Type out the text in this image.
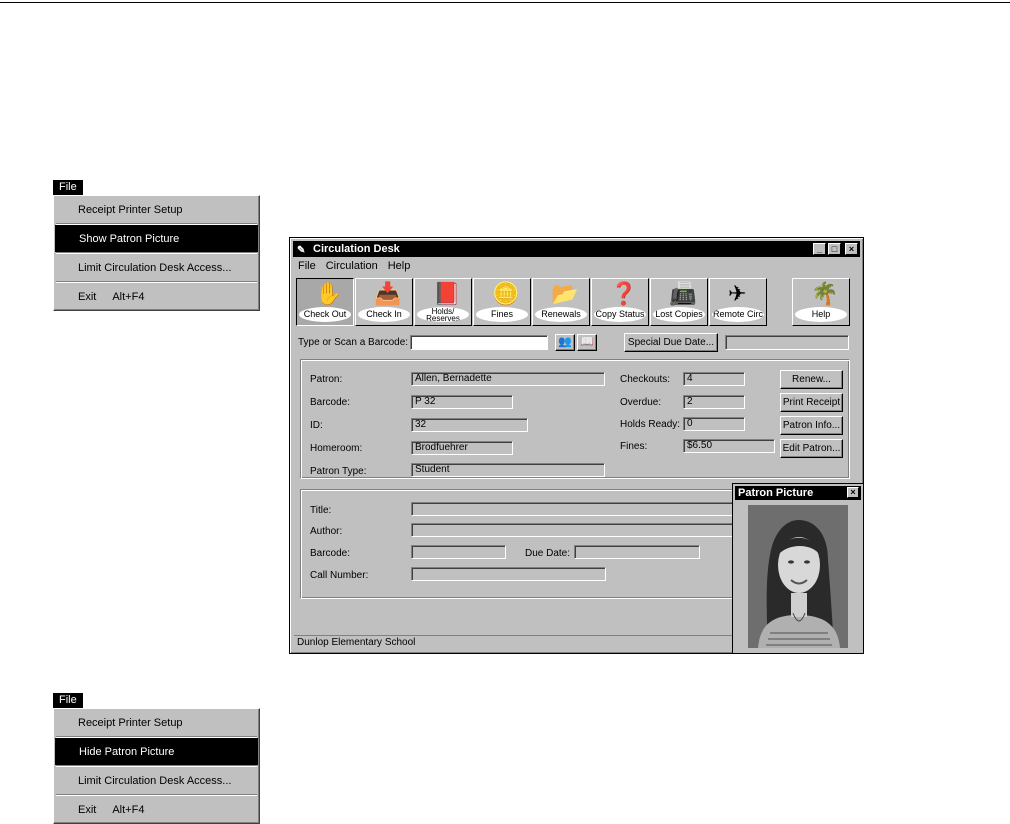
File
Receipt Printer Setup
Show Patron Picture
Limit Circulation Desk Access...
Exit Alt+F4
File
Receipt Printer Setup
Hide Patron Picture
Limit Circulation Desk Access...
Exit Alt+F4
✎ Circulation Desk	_	□	×
File Circulation Help
✋
Check Out
📥
Check In
📕
Holds/ Reserves
🪙
Fines
📂
Renewals
❓
Copy Status
📠
Lost Copies
✈
Remote Circ
🌴
Help
Type or Scan a Barcode:	👥 📖	Special Due Date...
Patron:	Allen, Bernadette
Barcode:	P 32
ID:	32
Homeroom:	Brodfuehrer
Patron Type:	Student
Checkouts:	4
Overdue:	2
Holds Ready: 0
Fines:	$6.50
Renew...
Print Receipt
Patron Info...
Edit Patron...
Title:
Author:
Barcode:	Due Date:
Call Number:
Dunlop Elementary School
Patron Picture	×
